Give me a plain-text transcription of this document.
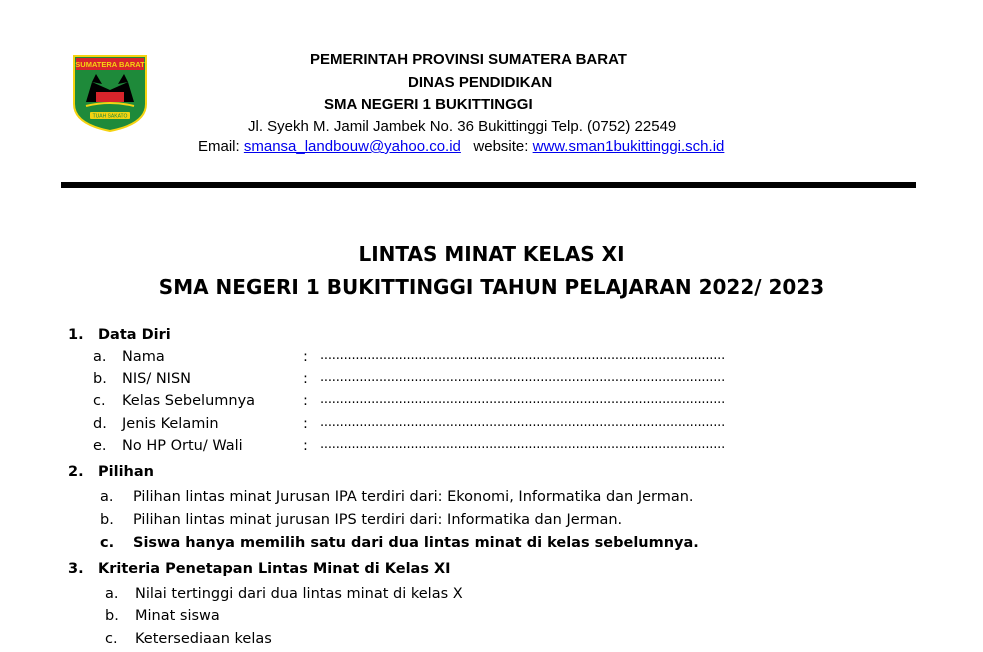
SUMATERA BARAT
TUAH SAKATO
PEMERINTAH PROVINSI SUMATERA BARAT
DINAS PENDIDIKAN
SMA NEGERI 1 BUKITTINGGI
Jl. Syekh M. Jamil Jambek No. 36 Bukittinggi Telp. (0752) 22549
Email: smansa_landbouw@yahoo.co.id website: www.sman1bukittinggi.sch.id
LINTAS MINAT KELAS XI
SMA NEGERI 1 BUKITTINGGI TAHUN PELAJARAN 2022/ 2023
1. Data Diri
a. Nama	: .......................................................................................................
b. NIS/ NISN	: .......................................................................................................
c. Kelas Sebelumnya	: .......................................................................................................
d. Jenis Kelamin	: .......................................................................................................
e. No HP Ortu/ Wali	: .......................................................................................................
2. Pilihan
a. Pilihan lintas minat Jurusan IPA terdiri dari: Ekonomi, Informatika dan Jerman.
b. Pilihan lintas minat jurusan IPS terdiri dari: Informatika dan Jerman.
c. Siswa hanya memilih satu dari dua lintas minat di kelas sebelumnya.
3. Kriteria Penetapan Lintas Minat di Kelas XI
a. Nilai tertinggi dari dua lintas minat di kelas X
b. Minat siswa
c. Ketersediaan kelas
